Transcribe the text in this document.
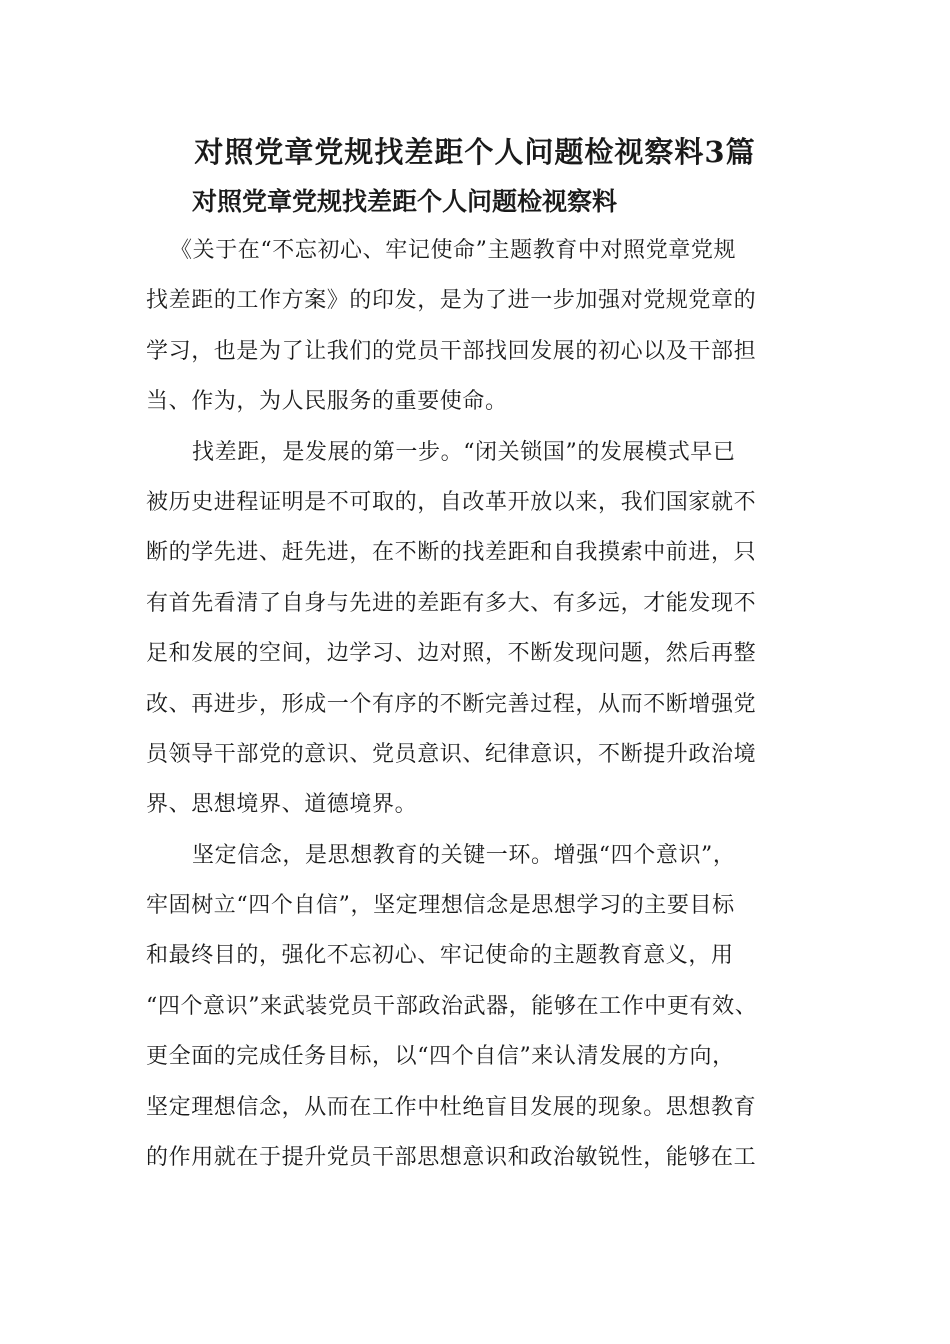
对照党章党规找差距个人问题检视察料3篇
对照党章党规找差距个人问题检视察料
《关于在“不忘初心、牢记使命”主题教育中对照党章党规
找差距的工作方案》的印发，是为了进一步加强对党规党章的
学习，也是为了让我们的党员干部找回发展的初心以及干部担
当、作为，为人民服务的重要使命。
找差距，是发展的第一步。“闭关锁国”的发展模式早已
被历史进程证明是不可取的，自改革开放以来，我们国家就不
断的学先进、赶先进，在不断的找差距和自我摸索中前进，只
有首先看清了自身与先进的差距有多大、有多远，才能发现不
足和发展的空间，边学习、边对照，不断发现问题，然后再整
改、再进步，形成一个有序的不断完善过程，从而不断增强党
员领导干部党的意识、党员意识、纪律意识，不断提升政治境
界、思想境界、道德境界。
坚定信念，是思想教育的关键一环。增强“四个意识”，
牢固树立“四个自信”，坚定理想信念是思想学习的主要目标
和最终目的，强化不忘初心、牢记使命的主题教育意义，用
“四个意识”来武装党员干部政治武器，能够在工作中更有效、
更全面的完成任务目标，以“四个自信”来认清发展的方向，
坚定理想信念，从而在工作中杜绝盲目发展的现象。思想教育
的作用就在于提升党员干部思想意识和政治敏锐性，能够在工
